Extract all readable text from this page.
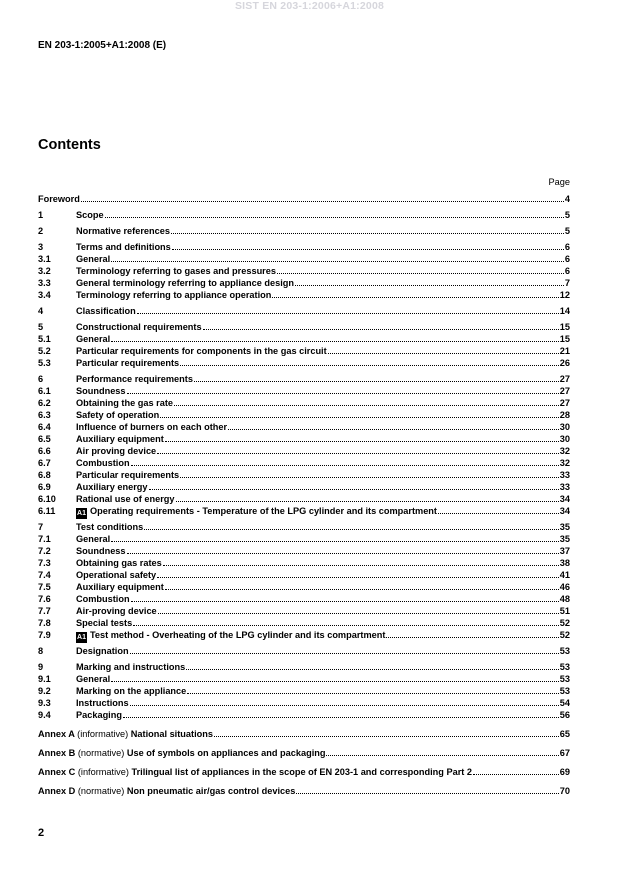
SIST EN 203-1:2006+A1:2008
EN 203-1:2005+A1:2008 (E)
Contents
Page
Foreword	4
1	Scope	5
2	Normative references	5
3	Terms and definitions	6
3.1	General	6
3.2	Terminology referring to gases and pressures	6
3.3	General terminology referring to appliance design	7
3.4	Terminology referring to appliance operation	12
4	Classification	14
5	Constructional requirements	15
5.1	General	15
5.2	Particular requirements for components in the gas circuit	21
5.3	Particular requirements	26
6	Performance requirements	27
6.1	Soundness	27
6.2	Obtaining the gas rate	27
6.3	Safety of operation	28
6.4	Influence of burners on each other	30
6.5	Auxiliary equipment	30
6.6	Air proving device	32
6.7	Combustion	32
6.8	Particular requirements	33
6.9	Auxiliary energy	33
6.10	Rational use of energy	34
6.11	A1 Operating requirements - Temperature of the LPG cylinder and its compartment	34
7	Test conditions	35
7.1	General	35
7.2	Soundness	37
7.3	Obtaining gas rates	38
7.4	Operational safety	41
7.5	Auxiliary equipment	46
7.6	Combustion	48
7.7	Air-proving device	51
7.8	Special tests	52
7.9	A1 Test method - Overheating of the LPG cylinder and its compartment	52
8	Designation	53
9	Marking and instructions	53
9.1	General	53
9.2	Marking on the appliance	53
9.3	Instructions	54
9.4	Packaging	56
Annex A (informative) National situations	65
Annex B (normative) Use of symbols on appliances and packaging	67
Annex C (informative) Trilingual list of appliances in the scope of EN 203-1 and corresponding Part 2	69
Annex D (normative) Non pneumatic air/gas control devices	70
2
